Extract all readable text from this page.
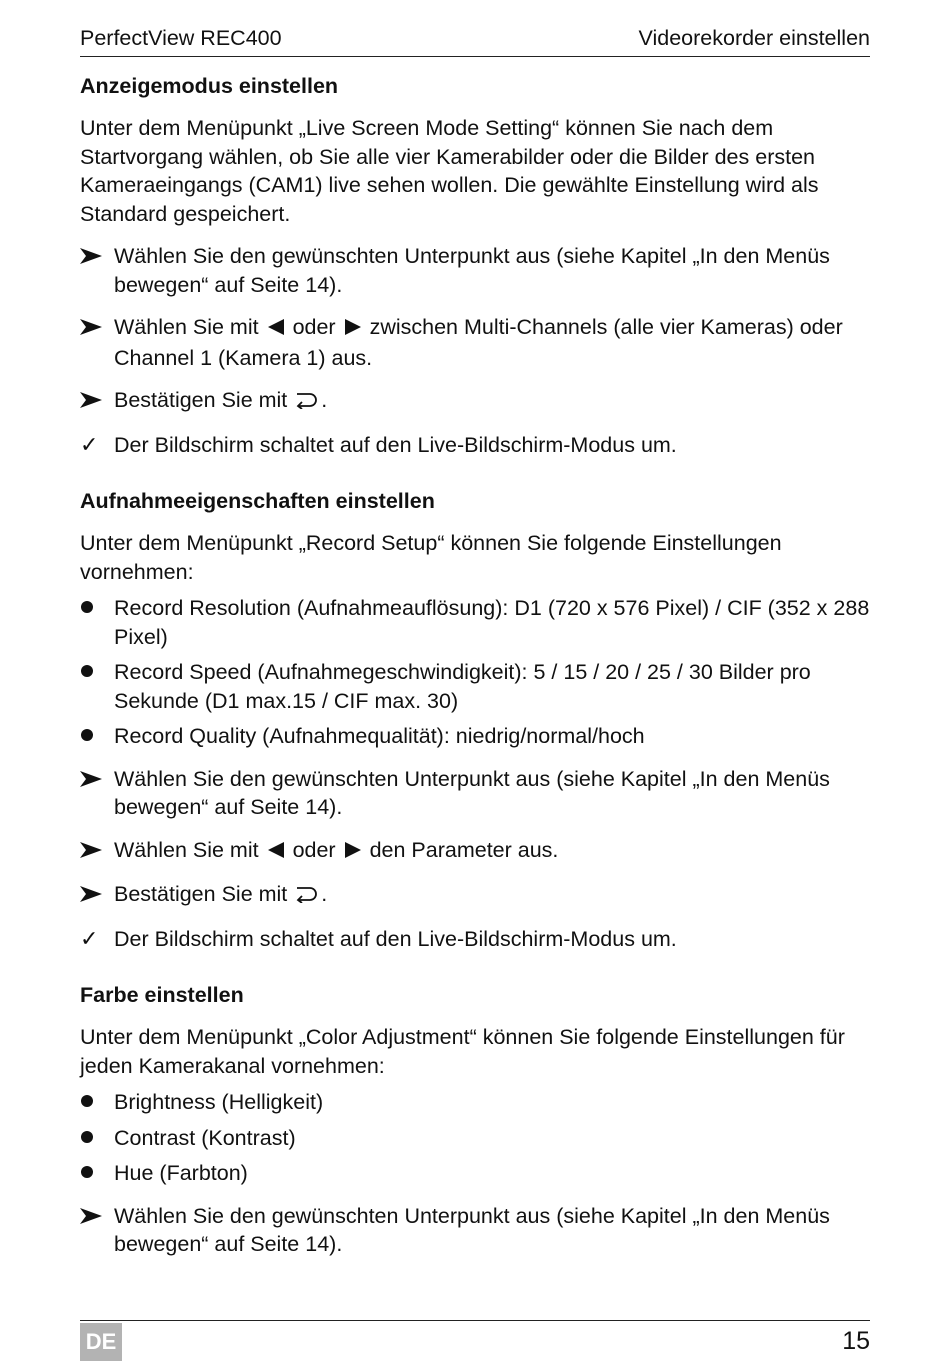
PerfectView REC400	Videorekorder einstellen
Anzeigemodus einstellen

Unter dem Menüpunkt „Live Screen Mode Setting“ können Sie nach dem Startvorgang wählen, ob Sie alle vier Kamerabilder oder die Bilder des ersten Kameraeingangs (CAM1) live sehen wollen. Die gewählte Einstellung wird als Standard gespeichert.

Wählen Sie den gewünschten Unterpunkt aus (siehe Kapitel „In den Menüs bewegen“ auf Seite 14).
Wählen Sie mit oder zwischen Multi-Channels (alle vier Kameras) oder Channel 1 (Kamera 1) aus.
Bestätigen Sie mit .
✓ Der Bildschirm schaltet auf den Live-Bildschirm-Modus um.
Aufnahmeeigenschaften einstellen

Unter dem Menüpunkt „Record Setup“ können Sie folgende Einstellungen vornehmen:

Record Resolution (Aufnahmeauflösung): D1 (720 x 576 Pixel) / CIF (352 x 288 Pixel)
Record Speed (Aufnahmegeschwindigkeit): 5 / 15 / 20 / 25 / 30 Bilder pro Sekunde (D1 max.15 / CIF max. 30)
Record Quality (Aufnahmequalität): niedrig/normal/hoch
Wählen Sie den gewünschten Unterpunkt aus (siehe Kapitel „In den Menüs bewegen“ auf Seite 14).
Wählen Sie mit oder den Parameter aus.
Bestätigen Sie mit .
✓ Der Bildschirm schaltet auf den Live-Bildschirm-Modus um.
Farbe einstellen

Unter dem Menüpunkt „Color Adjustment“ können Sie folgende Einstellungen für jeden Kamerakanal vornehmen:

Brightness (Helligkeit)
Contrast (Kontrast)
Hue (Farbton)
Wählen Sie den gewünschten Unterpunkt aus (siehe Kapitel „In den Menüs bewegen“ auf Seite 14).
DE	15
